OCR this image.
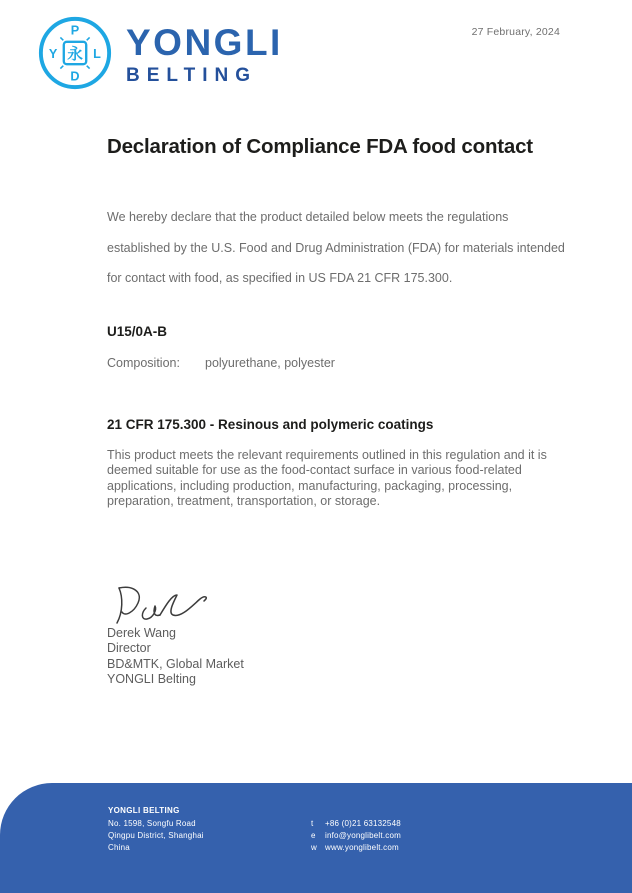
P
Y	L
D
永 YONGLI
BELTING
27 February, 2024
Declaration of Compliance FDA food contact

We hereby declare that the product detailed below meets the regulations established by the U.S. Food and Drug Administration (FDA) for materials intended for contact with food, as specified in US FDA 21 CFR 175.300.

U15/0A-B
Composition: polyurethane, polyester
21 CFR 175.300 - Resinous and polymeric coatings

This product meets the relevant requirements outlined in this regulation and it is deemed suitable for use as the food-contact surface in various food-related applications, including production, manufacturing, packaging, processing, preparation, treatment, transportation, or storage.

Derek Wang
Director
BD&MTK, Global Market
YONGLI Belting
YONGLI BELTING
No. 1598, Songfu Road
Qingpu District, Shanghai
China
t +86 (0)21 63132548
e info@yonglibelt.com
w www.yonglibelt.com
